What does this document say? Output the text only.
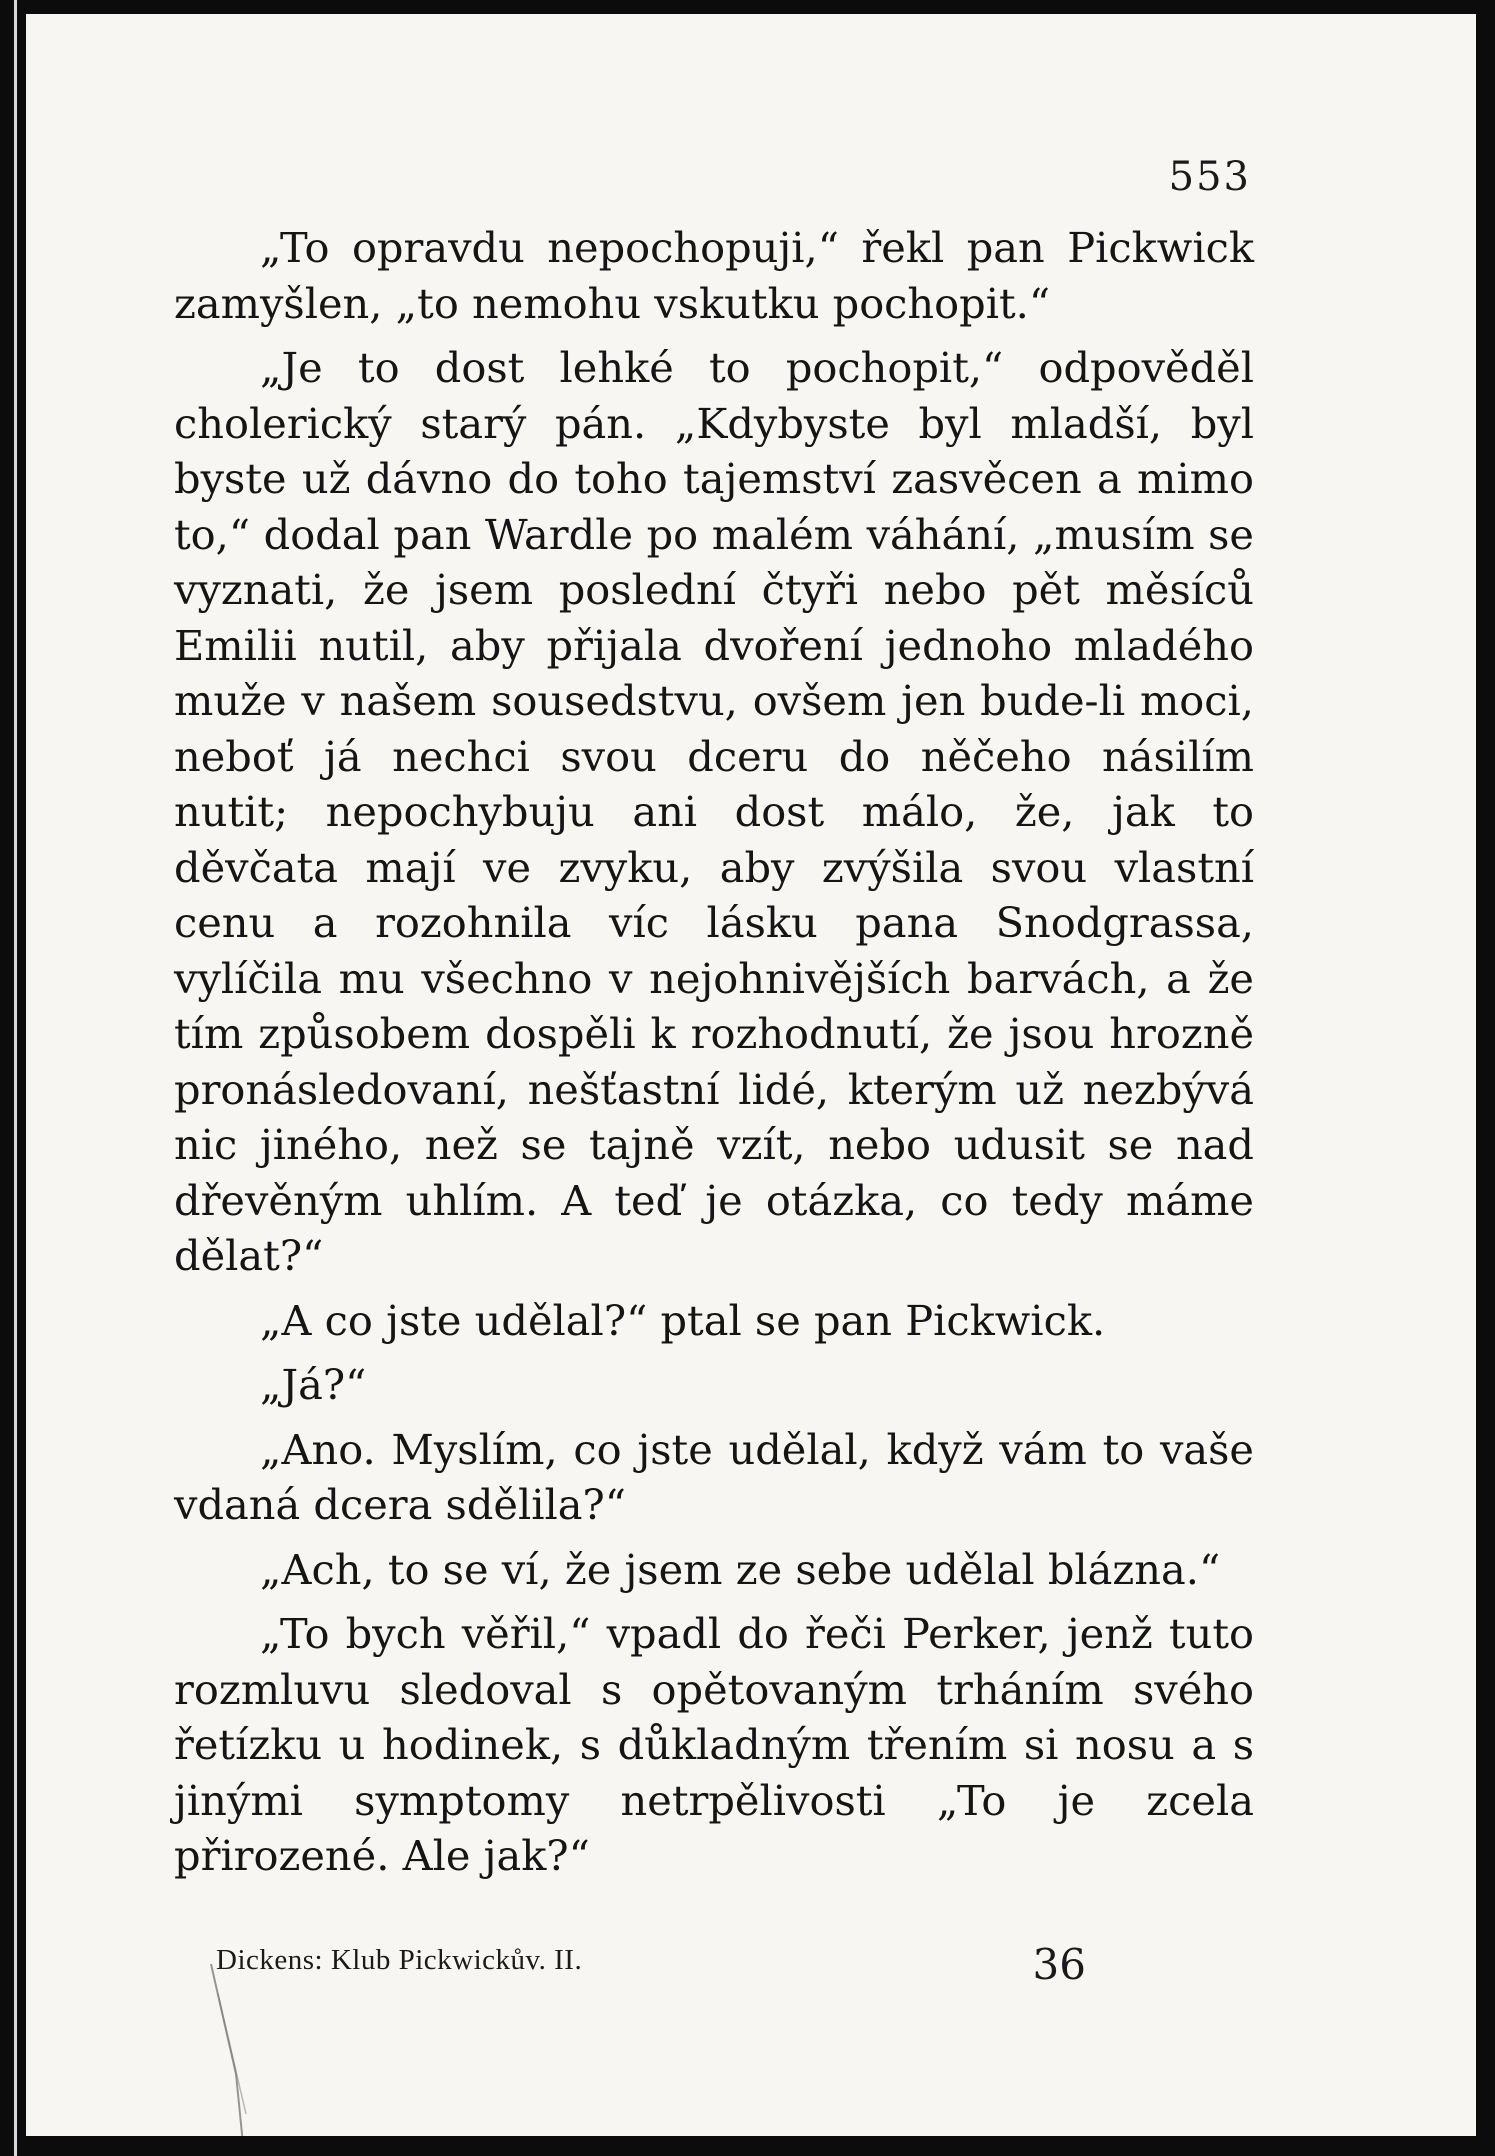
553

„To opravdu nepochopuji,“ řekl pan Pickwick zamyšlen, „to nemohu vskutku pochopit.“

„Je to dost lehké to pochopit,“ odpověděl cholerický starý pán. „Kdybyste byl mladší, byl byste už dávno do toho tajemství zasvěcen a mimo to,“ dodal pan Wardle po malém váhání, „musím se vyznati, že jsem poslední čtyři nebo pět měsíců Emilii nutil, aby přijala dvoření jednoho mladého muže v našem sousedstvu, ovšem jen bude-li moci, neboť já nechci svou dceru do něčeho násilím nutit; nepochybuju ani dost málo, že, jak to děvčata mají ve zvyku, aby zvýšila svou vlastní cenu a rozohnila víc lásku pana Snodgrassa, vylíčila mu všechno v nejohnivějších barvách, a že tím způsobem dospěli k rozhodnutí, že jsou hrozně pronásledovaní, nešťastní lidé, kterým už nezbývá nic jiného, než se tajně vzít, nebo udusit se nad dřevěným uhlím. A teď je otázka, co tedy máme dělat?“

„A co jste udělal?“ ptal se pan Pickwick.

„Já?“

„Ano. Myslím, co jste udělal, když vám to vaše vdaná dcera sdělila?“

„Ach, to se ví, že jsem ze sebe udělal blázna.“

„To bych věřil,“ vpadl do řeči Perker, jenž tuto rozmluvu sledoval s opětovaným trháním svého řetízku u hodinek, s důkladným třením si nosu a s jinými symptomy netrpělivosti „To je zcela přirozené. Ale jak?“

Dickens: Klub Pickwickův. II.	36
